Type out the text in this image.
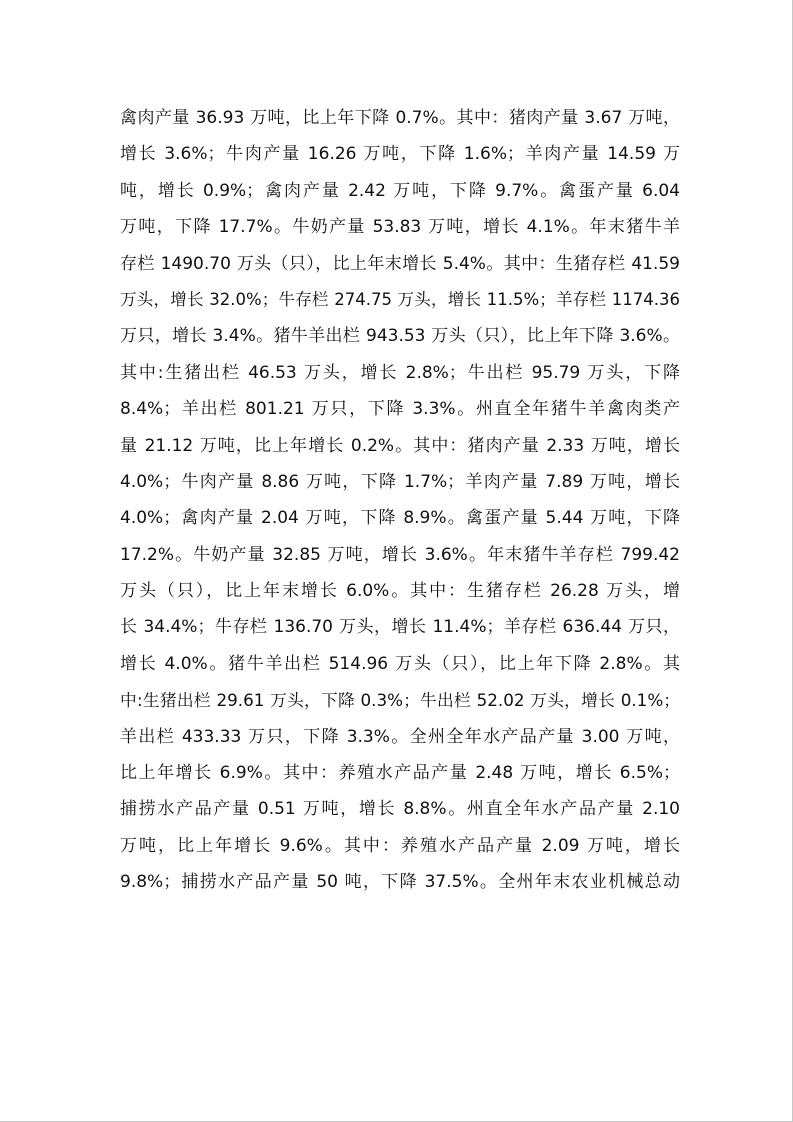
禽肉产量 36.93 万吨，比上年下降 0.7%。其中：猪肉产量 3.67 万吨，
增长 3.6%；牛肉产量 16.26 万吨，下降 1.6%；羊肉产量 14.59 万
吨，增长 0.9%；禽肉产量 2.42 万吨，下降 9.7%。禽蛋产量 6.04
万吨，下降 17.7%。牛奶产量 53.83 万吨，增长 4.1%。年末猪牛羊
存栏 1490.70 万头（只），比上年末增长 5.4%。其中：生猪存栏 41.59
万头，增长 32.0%；牛存栏 274.75 万头，增长 11.5%；羊存栏 1174.36
万只，增长 3.4%。猪牛羊出栏 943.53 万头（只），比上年下降 3.6%。
其中:生猪出栏 46.53 万头，增长 2.8%；牛出栏 95.79 万头，下降
8.4%；羊出栏 801.21 万只，下降 3.3%。州直全年猪牛羊禽肉类产
量 21.12 万吨，比上年增长 0.2%。其中：猪肉产量 2.33 万吨，增长
4.0%；牛肉产量 8.86 万吨，下降 1.7%；羊肉产量 7.89 万吨，增长
4.0%；禽肉产量 2.04 万吨，下降 8.9%。禽蛋产量 5.44 万吨，下降
17.2%。牛奶产量 32.85 万吨，增长 3.6%。年末猪牛羊存栏 799.42
万头（只），比上年末增长 6.0%。其中：生猪存栏 26.28 万头，增
长 34.4%；牛存栏 136.70 万头，增长 11.4%；羊存栏 636.44 万只，
增长 4.0%。猪牛羊出栏 514.96 万头（只），比上年下降 2.8%。其
中:生猪出栏 29.61 万头，下降 0.3%；牛出栏 52.02 万头，增长 0.1%；
羊出栏 433.33 万只，下降 3.3%。全州全年水产品产量 3.00 万吨，
比上年增长 6.9%。其中：养殖水产品产量 2.48 万吨，增长 6.5%；
捕捞水产品产量 0.51 万吨，增长 8.8%。州直全年水产品产量 2.10
万吨，比上年增长 9.6%。其中：养殖水产品产量 2.09 万吨，增长
9.8%；捕捞水产品产量 50 吨，下降 37.5%。全州年末农业机械总动
